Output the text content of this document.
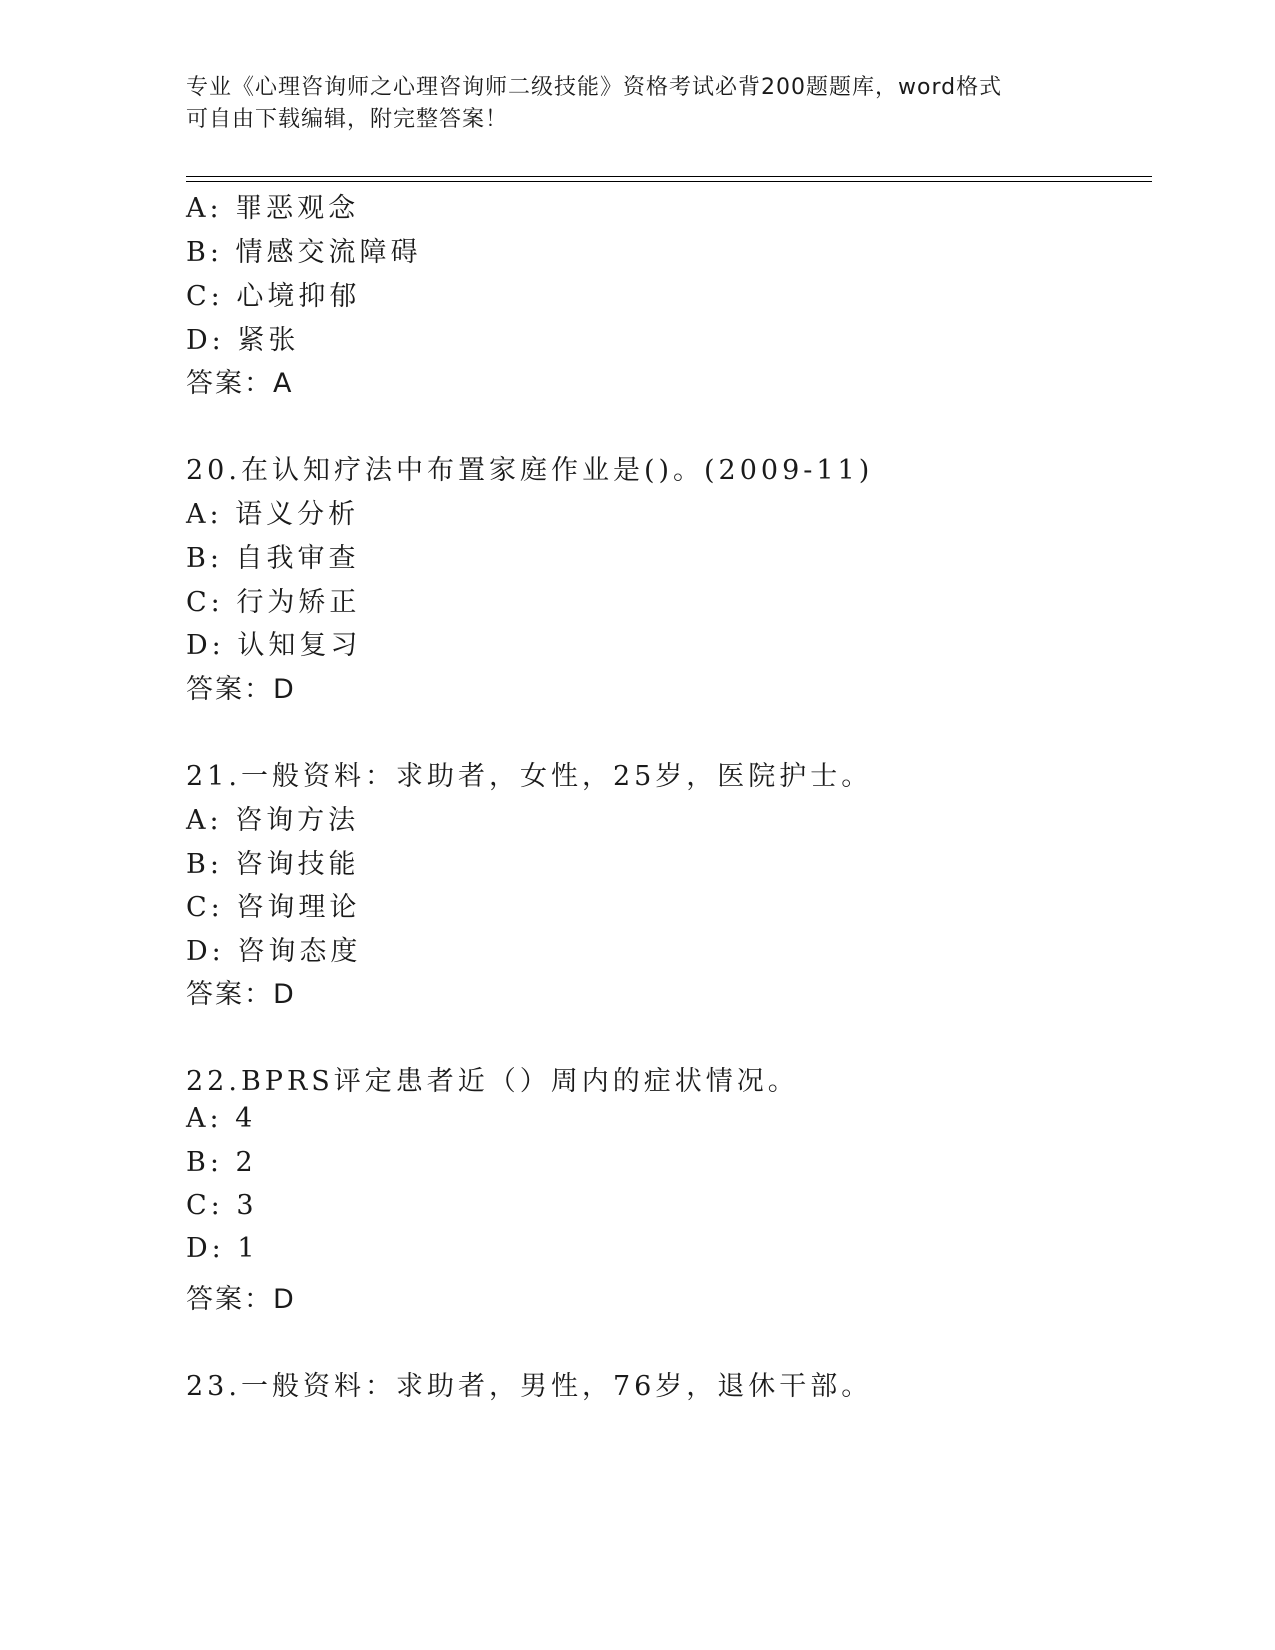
专业《心理咨询师之心理咨询师二级技能》资格考试必背200题题库，word格式
可自由下载编辑，附完整答案！
A: 罪恶观念
B: 情感交流障碍
C: 心境抑郁
D: 紧张
答案：A
20.在认知疗法中布置家庭作业是()。(2009-11)
A: 语义分析
B: 自我审查
C: 行为矫正
D: 认知复习
答案：D
21.一般资料：求助者，女性，25岁，医院护士。
A: 咨询方法
B: 咨询技能
C: 咨询理论
D: 咨询态度
答案：D
22.BPRS评定患者近（）周内的症状情况。
A: 4
B: 2
C: 3
D: 1
答案：D
23.一般资料：求助者，男性，76岁，退休干部。
